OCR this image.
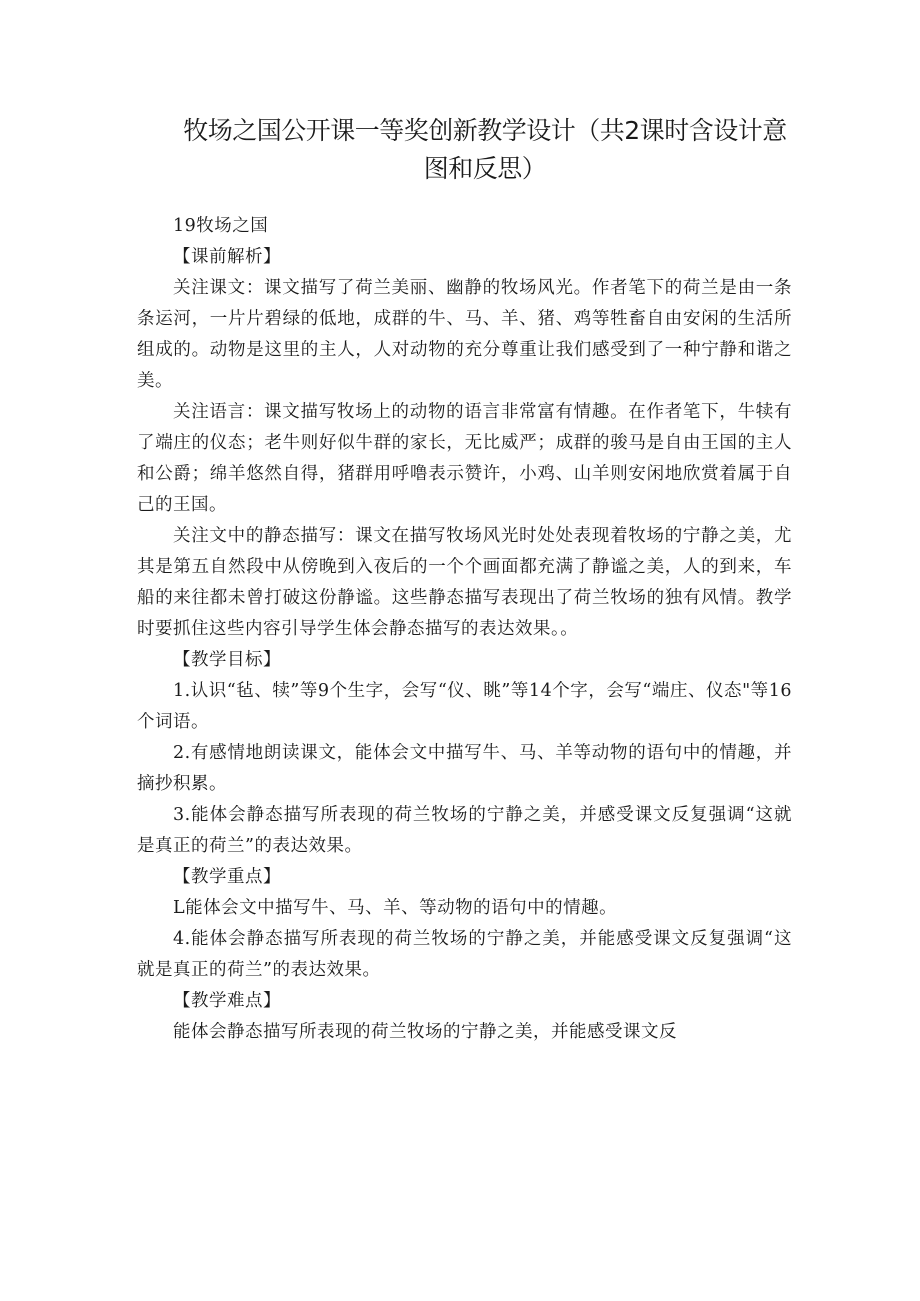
牧场之国公开课一等奖创新教学设计（共2课时含设计意
图和反思）

19牧场之国

【课前解析】

关注课文：课文描写了荷兰美丽、幽静的牧场风光。作者笔下的荷兰是由一条条运河，一片片碧绿的低地，成群的牛、马、羊、猪、鸡等牲畜自由安闲的生活所组成的。动物是这里的主人，人对动物的充分尊重让我们感受到了一种宁静和谐之美。

关注语言：课文描写牧场上的动物的语言非常富有情趣。在作者笔下，牛犊有了端庄的仪态；老牛则好似牛群的家长，无比威严；成群的骏马是自由王国的主人和公爵；绵羊悠然自得，猪群用呼噜表示赞许，小鸡、山羊则安闲地欣赏着属于自己的王国。

关注文中的静态描写：课文在描写牧场风光时处处表现着牧场的宁静之美，尤其是第五自然段中从傍晚到入夜后的一个个画面都充满了静谧之美，人的到来，车船的来往都未曾打破这份静谧。这些静态描写表现出了荷兰牧场的独有风情。教学时要抓住这些内容引导学生体会静态描写的表达效果。。

【教学目标】

1.认识“毡、犊”等9个生字，会写“仪、眺”等14个字，会写“端庄、仪态"等16个词语。

2.有感情地朗读课文，能体会文中描写牛、马、羊等动物的语句中的情趣，并摘抄积累。

3.能体会静态描写所表现的荷兰牧场的宁静之美，并感受课文反复强调“这就是真正的荷兰”的表达效果。

【教学重点】

L能体会文中描写牛、马、羊、等动物的语句中的情趣。

4.能体会静态描写所表现的荷兰牧场的宁静之美，并能感受课文反复强调“这就是真正的荷兰”的表达效果。

【教学难点】

能体会静态描写所表现的荷兰牧场的宁静之美，并能感受课文反
